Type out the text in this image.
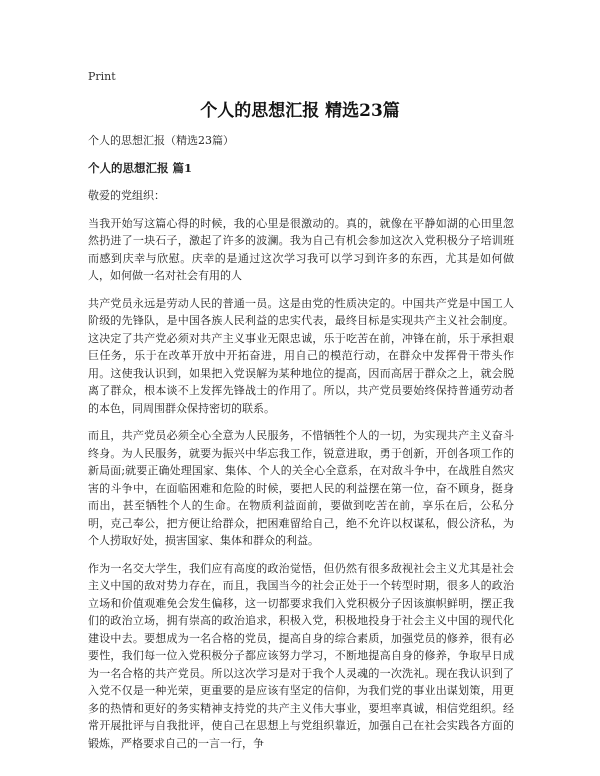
Print
个人的思想汇报 精选23篇

个人的思想汇报（精选23篇）

个人的思想汇报 篇1

敬爱的党组织：

当我开始写这篇心得的时候，我的心里是很激动的。真的，就像在平静如湖的心田里忽然扔进了一块石子，激起了许多的波澜。我为自己有机会参加这次入党积极分子培训班而感到庆幸与欣慰。庆幸的是通过这次学习我可以学习到许多的东西，尤其是如何做人，如何做一名对社会有用的人

共产党员永远是劳动人民的普通一员。这是由党的性质决定的。中国共产党是中国工人阶级的先锋队，是中国各族人民利益的忠实代表，最终目标是实现共产主义社会制度。这决定了共产党必须对共产主义事业无限忠诚，乐于吃苦在前，冲锋在前，乐于承担艰巨任务，乐于在改革开放中开拓奋进，用自己的模范行动，在群众中发挥骨干带头作用。这使我认识到，如果把入党误解为某种地位的提高，因而高居于群众之上，就会脱离了群众，根本谈不上发挥先锋战士的作用了。所以，共产党员要始终保持普通劳动者的本色，同周围群众保持密切的联系。

而且，共产党员必须全心全意为人民服务，不惜牺牲个人的一切，为实现共产主义奋斗终身。为人民服务，就要为振兴中华忘我工作，锐意进取，勇于创新，开创各项工作的新局面;就要正确处理国家、集体、个人的关全心全意系，在对敌斗争中，在战胜自然灾害的斗争中，在面临困难和危险的时候，要把人民的利益摆在第一位，奋不顾身，挺身而出，甚至牺牲个人的生命。在物质利益面前，要做到吃苦在前，享乐在后，公私分明，克己奉公，把方便让给群众，把困难留给自己，绝不允许以权谋私，假公济私，为个人捞取好处，损害国家、集体和群众的利益。

作为一名交大学生，我们应有高度的政治觉悟，但仍然有很多敌视社会主义尤其是社会主义中国的敌对势力存在，而且，我国当今的社会正处于一个转型时期，很多人的政治立场和价值观难免会发生偏移，这一切都要求我们入党积极分子因该旗帜鲜明，摆正我们的政治立场，拥有崇高的政治追求，积极入党，积极地投身于社会主义中国的现代化建设中去。要想成为一名合格的党员，提高自身的综合素质，加强党员的修养，很有必要性，我们每一位入党积极分子都应该努力学习，不断地提高自身的修养，争取早日成为一名合格的共产党员。所以这次学习是对于我个人灵魂的一次洗礼。现在我认识到了入党不仅是一种光荣，更重要的是应该有坚定的信仰，为我们党的事业出谋划策，用更多的热情和更好的务实精神支持党的共产主义伟大事业，要坦率真诚，相信党组织。经常开展批评与自我批评，使自己在思想上与党组织靠近，加强自己在社会实践各方面的锻炼，严格要求自己的一言一行，争
